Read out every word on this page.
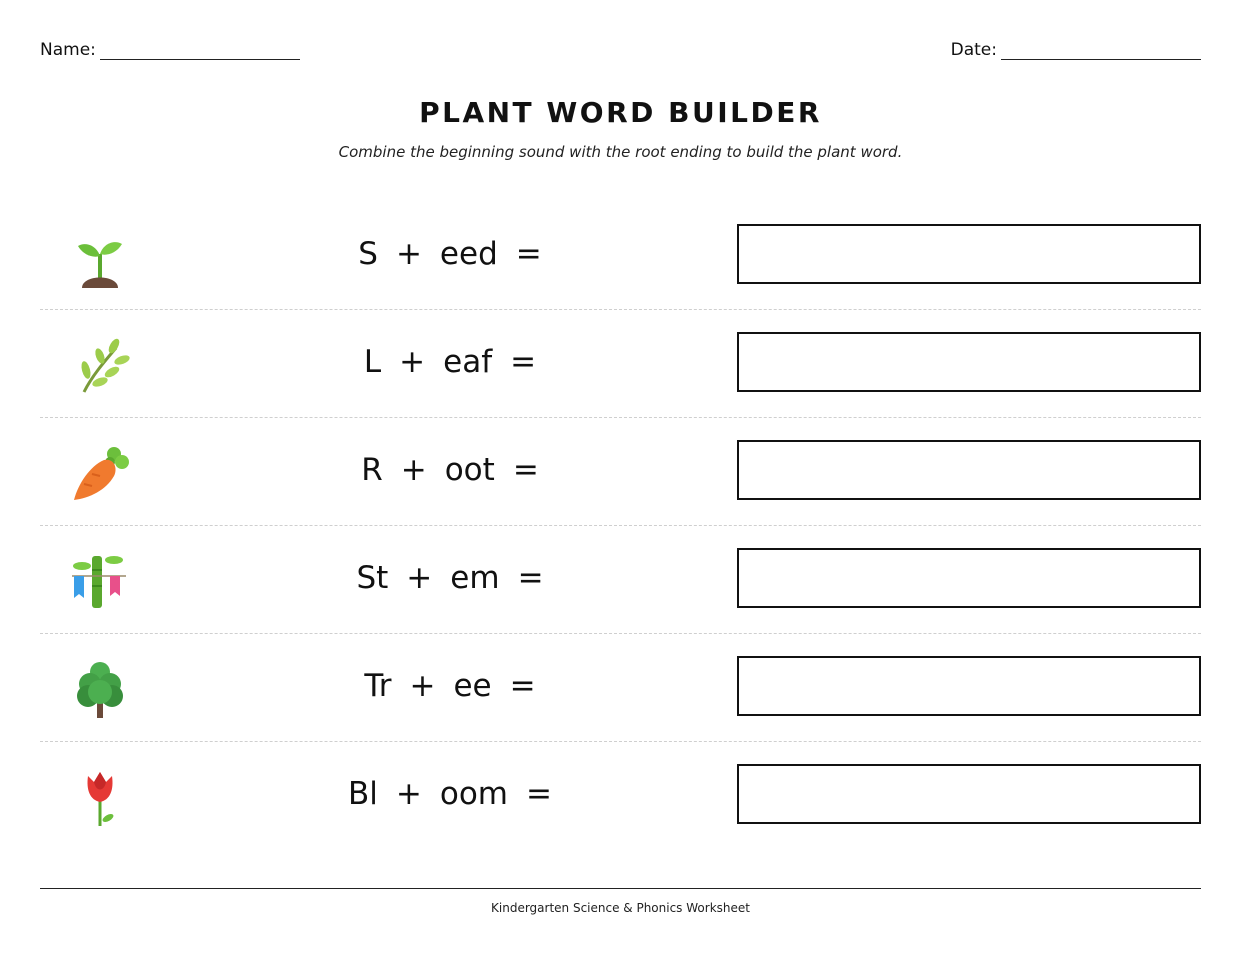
Name:	Date:
PLANT WORD BUILDER
Combine the beginning sound with the root ending to build the plant word.
S + eed =
L + eaf =
R + oot =
St + em =
Tr + ee =
Bl + oom =
Kindergarten Science & Phonics Worksheet
